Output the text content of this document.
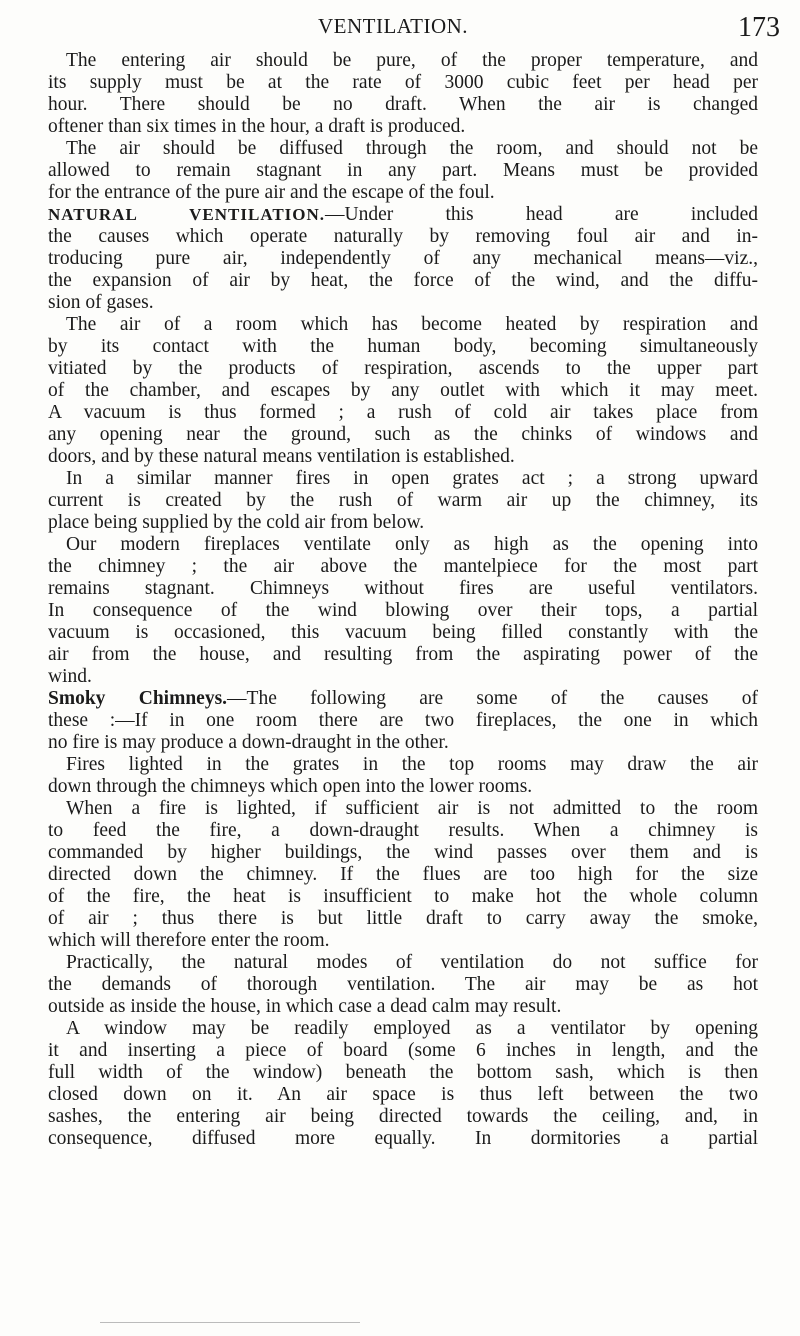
VENTILATION.	173

The entering air should be pure, of the proper temperature, and

its supply must be at the rate of 3000 cubic feet per head per

hour. There should be no draft. When the air is changed

oftener than six times in the hour, a draft is produced.

The air should be diffused through the room, and should not be

allowed to remain stagnant in any part. Means must be provided

for the entrance of the pure air and the escape of the foul.

NATURAL VENTILATION.—Under this head are included

the causes which operate naturally by removing foul air and in-

troducing pure air, independently of any mechanical means—viz.,

the expansion of air by heat, the force of the wind, and the diffu-

sion of gases.

The air of a room which has become heated by respiration and

by its contact with the human body, becoming simultaneously

vitiated by the products of respiration, ascends to the upper part

of the chamber, and escapes by any outlet with which it may meet.

A vacuum is thus formed ; a rush of cold air takes place from

any opening near the ground, such as the chinks of windows and

doors, and by these natural means ventilation is established.

In a similar manner fires in open grates act ; a strong upward

current is created by the rush of warm air up the chimney, its

place being supplied by the cold air from below.

Our modern fireplaces ventilate only as high as the opening into

the chimney ; the air above the mantelpiece for the most part

remains stagnant. Chimneys without fires are useful ventilators.

In consequence of the wind blowing over their tops, a partial

vacuum is occasioned, this vacuum being filled constantly with the

air from the house, and resulting from the aspirating power of the

wind.

Smoky Chimneys.—The following are some of the causes of

these :—If in one room there are two fireplaces, the one in which

no fire is may produce a down-draught in the other.

Fires lighted in the grates in the top rooms may draw the air

down through the chimneys which open into the lower rooms.

When a fire is lighted, if sufficient air is not admitted to the room

to feed the fire, a down-draught results. When a chimney is

commanded by higher buildings, the wind passes over them and is

directed down the chimney. If the flues are too high for the size

of the fire, the heat is insufficient to make hot the whole column

of air ; thus there is but little draft to carry away the smoke,

which will therefore enter the room.

Practically, the natural modes of ventilation do not suffice for

the demands of thorough ventilation. The air may be as hot

outside as inside the house, in which case a dead calm may result.

A window may be readily employed as a ventilator by opening

it and inserting a piece of board (some 6 inches in length, and the

full width of the window) beneath the bottom sash, which is then

closed down on it. An air space is thus left between the two

sashes, the entering air being directed towards the ceiling, and, in

consequence, diffused more equally. In dormitories a partial
